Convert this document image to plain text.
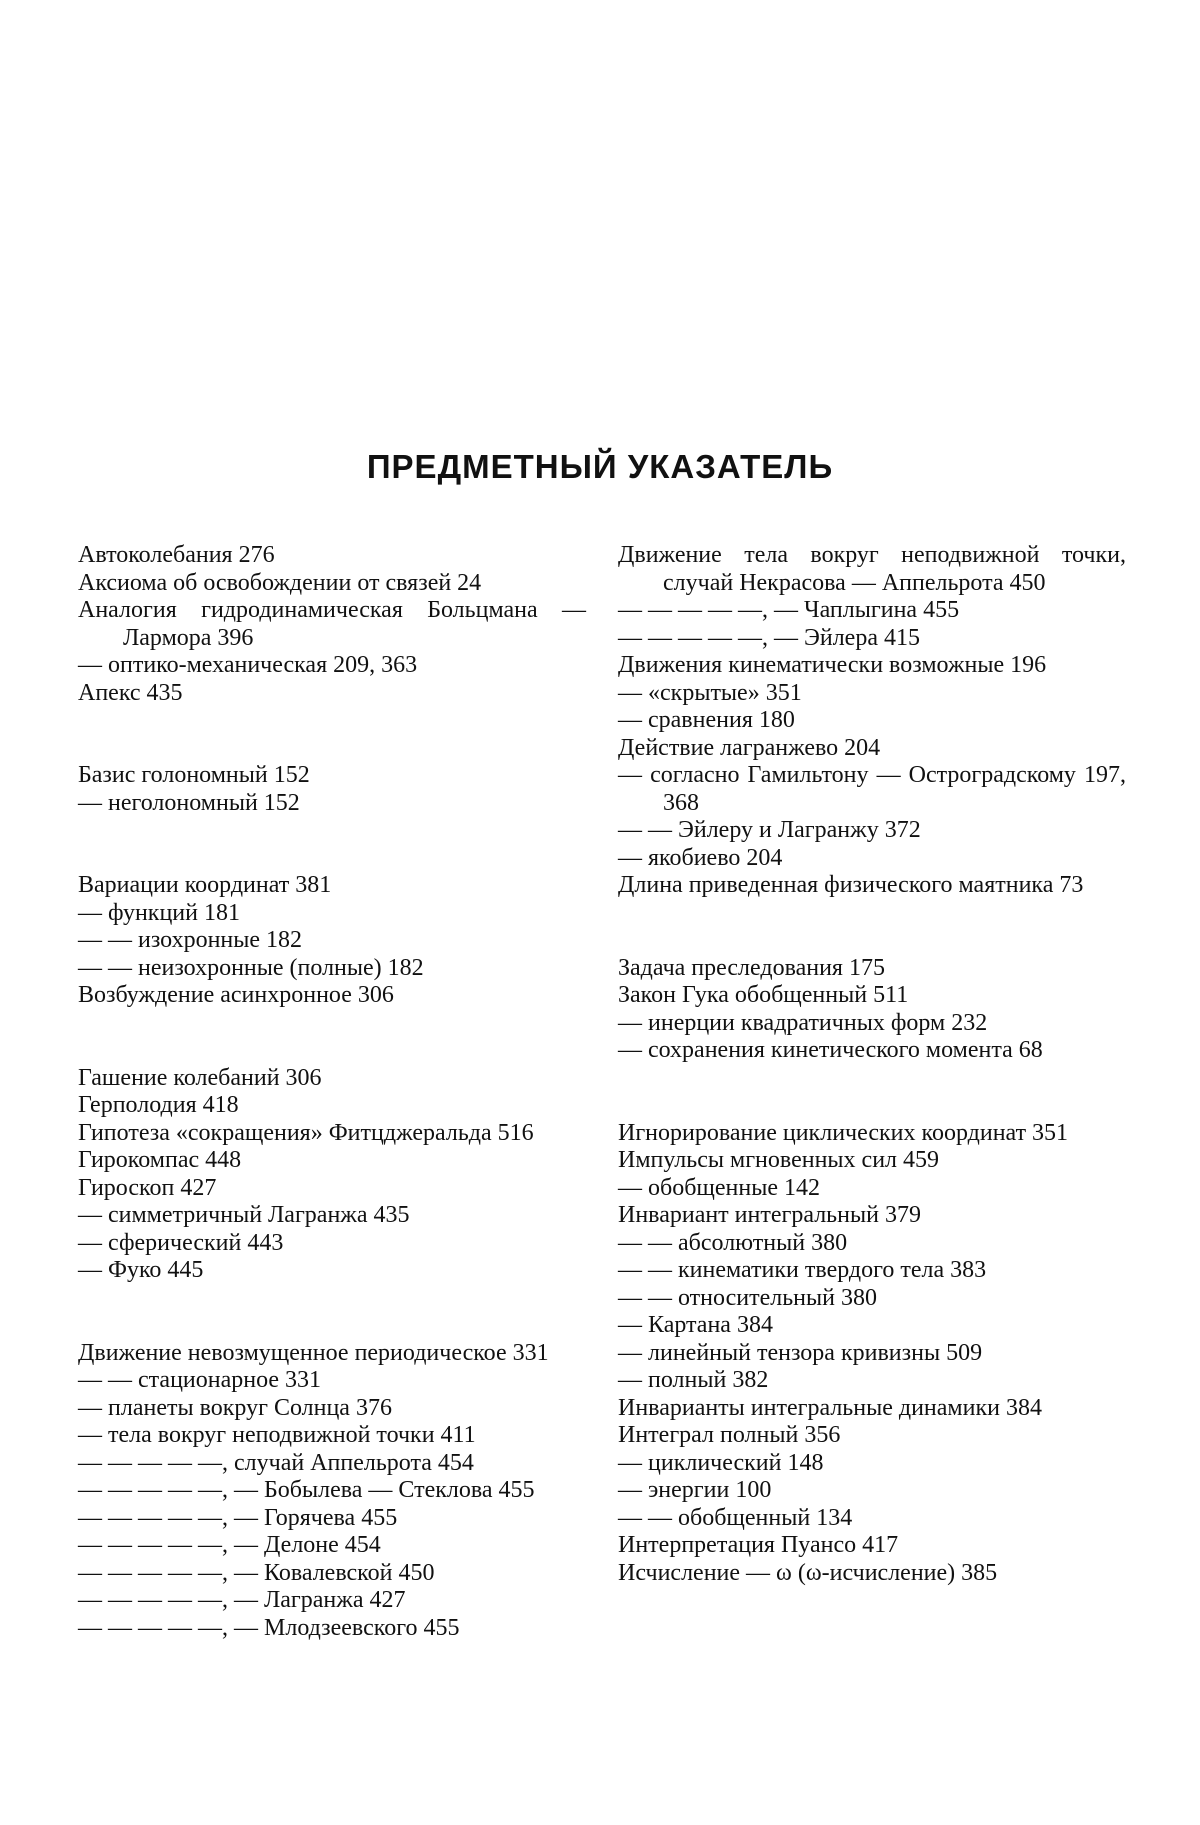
ПРЕДМЕТНЫЙ УКАЗАТЕЛЬ
Автоколебания 276
Аксиома об освобождении от связей 24
Аналогия гидродинамическая Больцмана — Лармора 396
— оптико-механическая 209, 363
Апекс 435
Базис голономный 152
— неголономный 152
Вариации координат 381
— функций 181
— — изохронные 182
— — неизохронные (полные) 182
Возбуждение асинхронное 306
Гашение колебаний 306
Герполодия 418
Гипотеза «сокращения» Фитцджеральда 516
Гирокомпас 448
Гироскоп 427
— симметричный Лагранжа 435
— сферический 443
— Фуко 445
Движение невозмущенное периодическое 331
— — стационарное 331
— планеты вокруг Солнца 376
— тела вокруг неподвижной точки 411
— — — — —, случай Аппельрота 454
— — — — —, — Бобылева — Стеклова 455
— — — — —, — Горячева 455
— — — — —, — Делоне 454
— — — — —, — Ковалевской 450
— — — — —, — Лагранжа 427
— — — — —, — Млодзеевского 455
Движение тела вокруг неподвижной точки, случай Некрасова — Аппельрота 450
— — — — —, — Чаплыгина 455
— — — — —, — Эйлера 415
Движения кинематически возможные 196
— «скрытые» 351
— сравнения 180
Действие лагранжево 204
— согласно Гамильтону — Остроградскому 197, 368
— — Эйлеру и Лагранжу 372
— якобиево 204
Длина приведенная физического маятника 73
Задача преследования 175
Закон Гука обобщенный 511
— инерции квадратичных форм 232
— сохранения кинетического момента 68
Игнорирование циклических координат 351
Импульсы мгновенных сил 459
— обобщенные 142
Инвариант интегральный 379
— — абсолютный 380
— — кинематики твердого тела 383
— — относительный 380
— Картана 384
— линейный тензора кривизны 509
— полный 382
Инварианты интегральные динамики 384
Интеграл полный 356
— циклический 148
— энергии 100
— — обобщенный 134
Интерпретация Пуансо 417
Исчисление — ω (ω-исчисление) 385
